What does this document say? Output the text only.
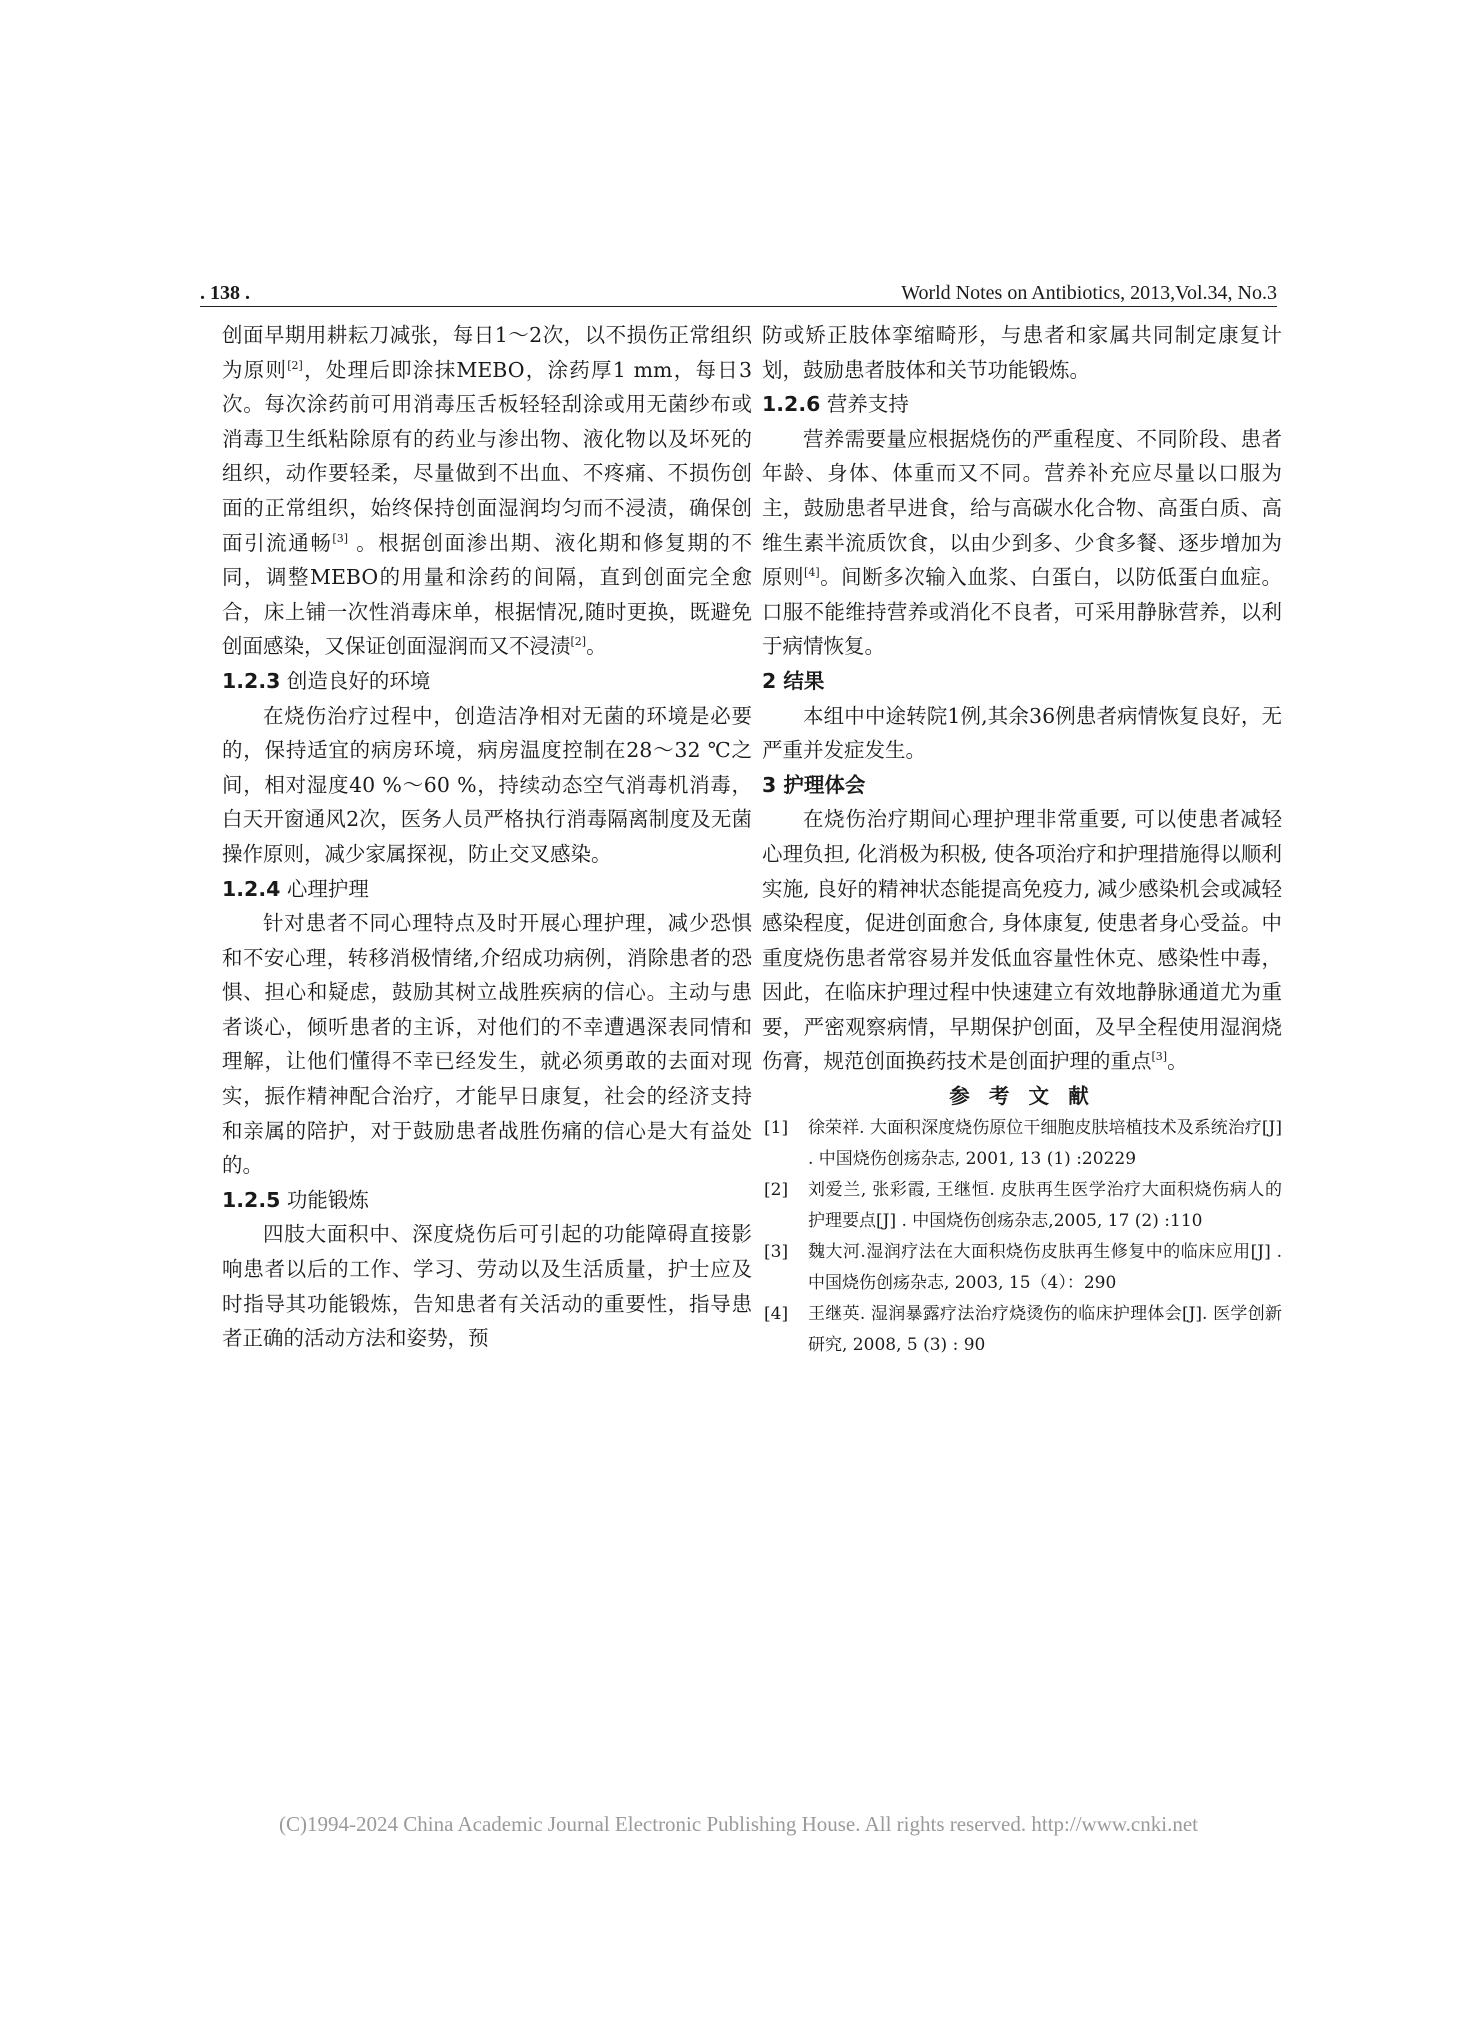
. 138 .	World Notes on Antibiotics, 2013,Vol.34, No.3

创面早期用耕耘刀减张，每日1～2次，以不损伤正常组织为原则[2]，处理后即涂抹MEBO，涂药厚1 mm，每日3 次。每次涂药前可用消毒压舌板轻轻刮涂或用无菌纱布或消毒卫生纸粘除原有的药业与渗出物、液化物以及坏死的组织，动作要轻柔，尽量做到不出血、不疼痛、不损伤创面的正常组织，始终保持创面湿润均匀而不浸渍，确保创面引流通畅[3] 。根据创面渗出期、液化期和修复期的不同，调整MEBO的用量和涂药的间隔，直到创面完全愈合，床上铺一次性消毒床单，根据情况,随时更换，既避免创面感染，又保证创面湿润而又不浸渍[2]。

1.2.3 创造良好的环境

在烧伤治疗过程中，创造洁净相对无菌的环境是必要的，保持适宜的病房环境，病房温度控制在28～32 ℃之间，相对湿度40 %～60 %，持续动态空气消毒机消毒，白天开窗通风2次，医务人员严格执行消毒隔离制度及无菌操作原则，减少家属探视，防止交叉感染。

1.2.4 心理护理

针对患者不同心理特点及时开展心理护理，减少恐惧和不安心理，转移消极情绪,介绍成功病例，消除患者的恐惧、担心和疑虑，鼓励其树立战胜疾病的信心。主动与患者谈心，倾听患者的主诉，对他们的不幸遭遇深表同情和理解，让他们懂得不幸已经发生，就必须勇敢的去面对现实，振作精神配合治疗，才能早日康复，社会的经济支持和亲属的陪护，对于鼓励患者战胜伤痛的信心是大有益处的。

1.2.5 功能锻炼

四肢大面积中、深度烧伤后可引起的功能障碍直接影响患者以后的工作、学习、劳动以及生活质量，护士应及时指导其功能锻炼，告知患者有关活动的重要性，指导患者正确的活动方法和姿势，预

防或矫正肢体挛缩畸形，与患者和家属共同制定康复计划，鼓励患者肢体和关节功能锻炼。

1.2.6 营养支持

营养需要量应根据烧伤的严重程度、不同阶段、患者年龄、身体、体重而又不同。营养补充应尽量以口服为主，鼓励患者早进食，给与高碳水化合物、高蛋白质、高维生素半流质饮食，以由少到多、少食多餐、逐步增加为原则[4]。间断多次输入血浆、白蛋白，以防低蛋白血症。口服不能维持营养或消化不良者，可采用静脉营养，以利于病情恢复。

2 结果

本组中中途转院1例,其余36例患者病情恢复良好，无严重并发症发生。

3 护理体会

在烧伤治疗期间心理护理非常重要, 可以使患者减轻心理负担, 化消极为积极, 使各项治疗和护理措施得以顺利实施, 良好的精神状态能提高免疫力, 减少感染机会或减轻感染程度，促进创面愈合, 身体康复, 使患者身心受益。中重度烧伤患者常容易并发低血容量性休克、感染性中毒，因此，在临床护理过程中快速建立有效地静脉通道尤为重要，严密观察病情，早期保护创面，及早全程使用湿润烧伤膏，规范创面换药技术是创面护理的重点[3]。

参 考 文 献
[1] 徐荣祥. 大面积深度烧伤原位干细胞皮肤培植技术及系统治疗[J] . 中国烧伤创疡杂志, 2001, 13 (1) :20229
[2] 刘爱兰, 张彩霞, 王继恒. 皮肤再生医学治疗大面积烧伤病人的护理要点[J] . 中国烧伤创疡杂志,2005, 17 (2) :110
[3] 魏大河.湿润疗法在大面积烧伤皮肤再生修复中的临床应用[J] .中国烧伤创疡杂志, 2003, 15（4）：290
[4] 王继英. 湿润暴露疗法治疗烧烫伤的临床护理体会[J]. 医学创新研究, 2008, 5 (3) : 90
(C)1994-2024 China Academic Journal Electronic Publishing House. All rights reserved. http://www.cnki.net
